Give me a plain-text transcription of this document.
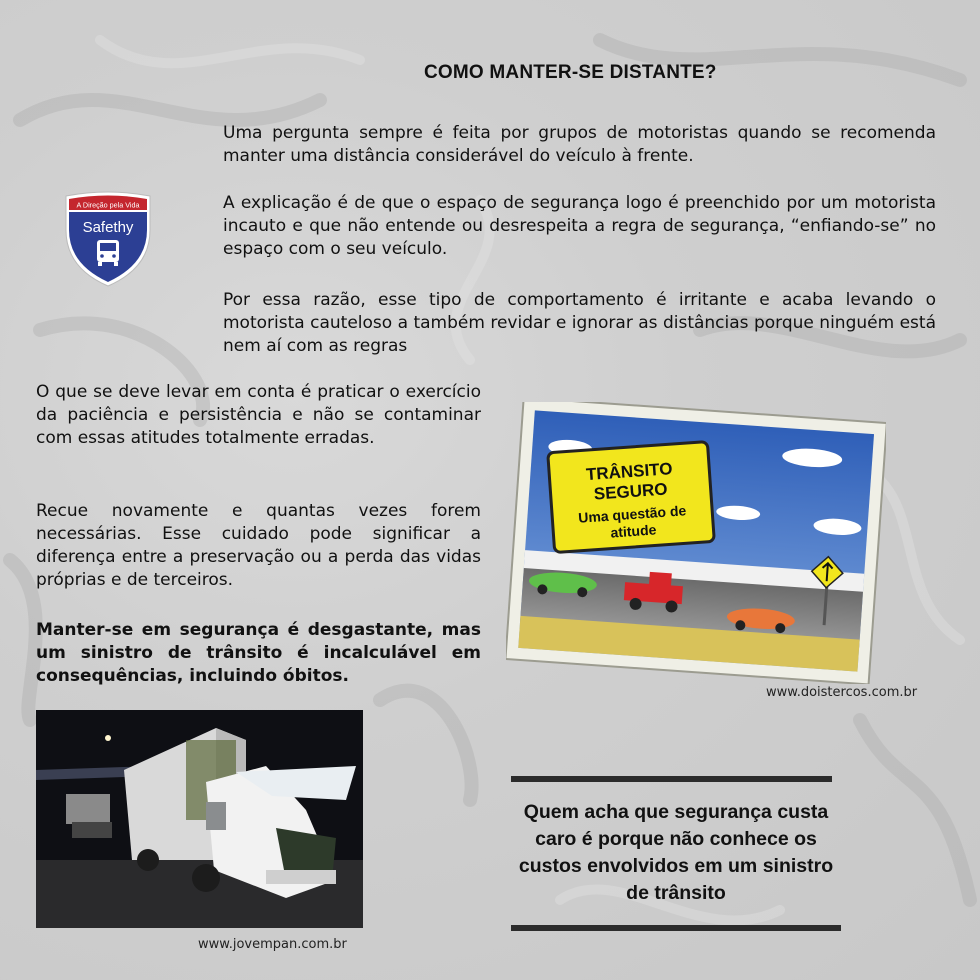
COMO MANTER-SE DISTANTE?
Uma pergunta sempre é feita por grupos de motoristas quando se recomenda manter uma distância considerável do veículo à frente.
A explicação é de que o espaço de segurança logo é preenchido por um motorista incauto e que não entende ou desrespeita a regra de segurança, “enfiando-se” no espaço com o seu veículo.
Por essa razão, esse tipo de comportamento é irritante e acaba levando o motorista cauteloso a também revidar e ignorar as distâncias porque ninguém está nem aí com as regras
O que se deve levar em conta é praticar o exercício da paciência e persistência e não se contaminar com essas atitudes totalmente erradas.
Recue novamente e quantas vezes forem necessárias. Esse cuidado pode significar a diferença entre a preservação ou a perda das vidas próprias e de terceiros.
Manter-se em segurança é desgastante, mas um sinistro de trânsito é incalculável em consequências, incluindo óbitos.
A Direção pela Vida
Safethy
TRÂNSITO
SEGURO
Uma questão de
atitude
www.doistercos.com.br
www.jovempan.com.br
Quem acha que segurança custa caro é porque não conhece os custos envolvidos em um sinistro de trânsito
